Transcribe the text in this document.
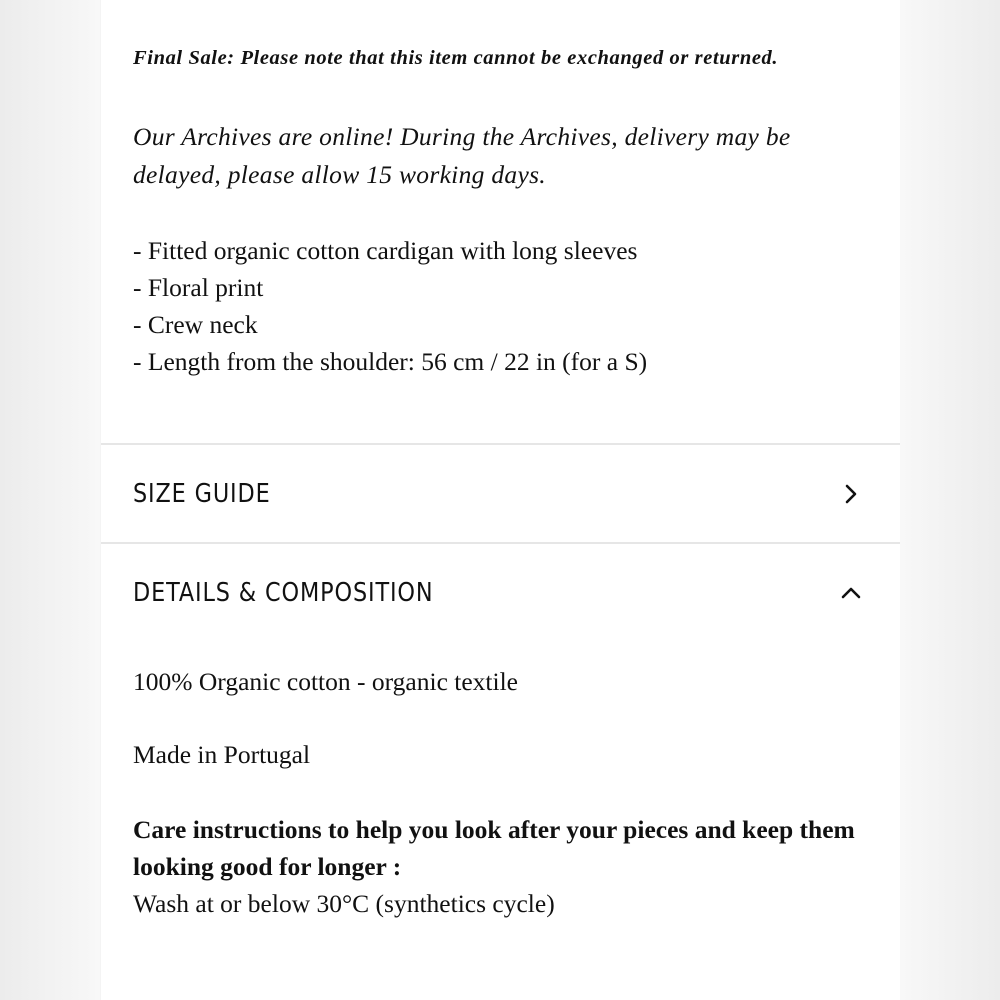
Final Sale: Please note that this item cannot be exchanged or returned.

Our Archives are online! During the Archives, delivery may be delayed, please allow 15 working days.

- Fitted organic cotton cardigan with long sleeves
- Floral print
- Crew neck
- Length from the shoulder: 56 cm / 22 in (for a S)
SIZE GUIDE
DETAILS & COMPOSITION

100% Organic cotton - organic textile

Made in Portugal

Care instructions to help you look after your pieces and keep them looking good for longer :

Wash at or below 30°C (synthetics cycle)
